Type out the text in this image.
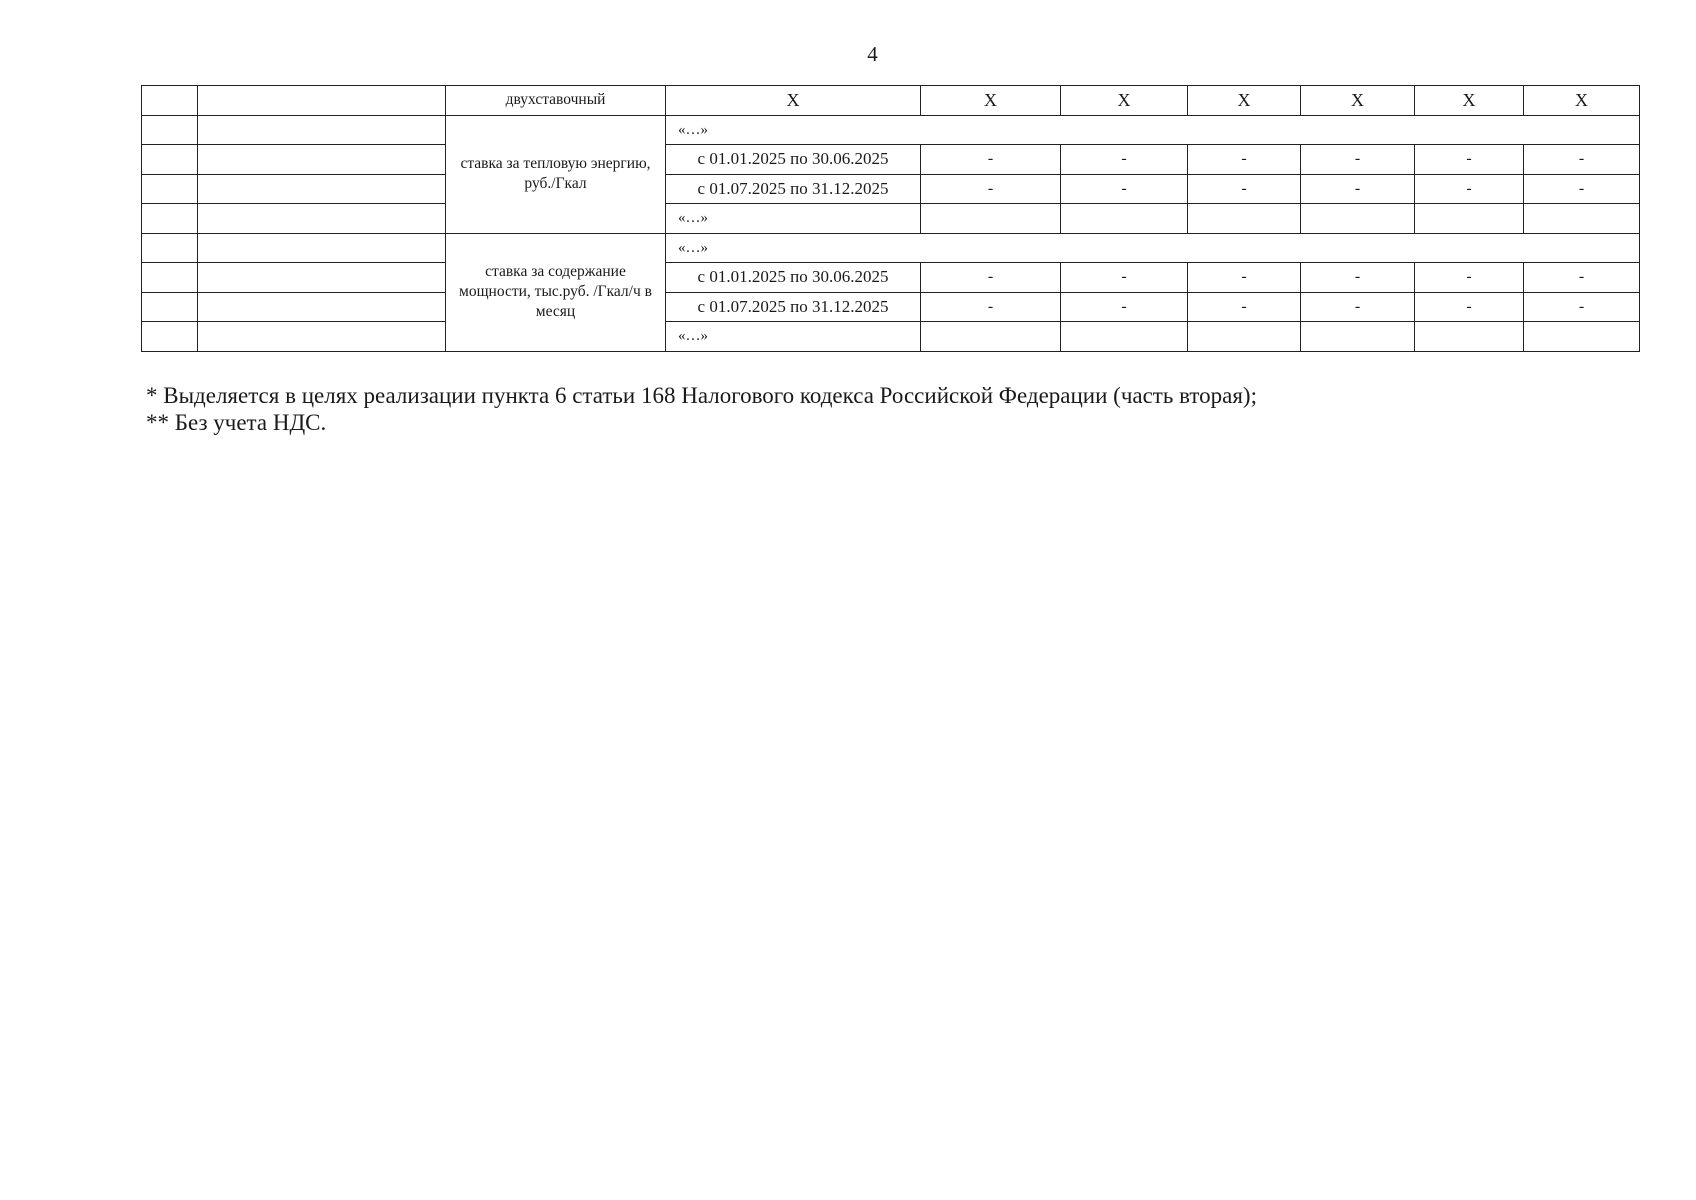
4
		двухставочный	X	X	X	X	X	X	X
		ставка за тепловую энергию, руб./Гкал	«…»						
			с 01.01.2025 по 30.06.2025	-	-	-	-	-	-
			с 01.07.2025 по 31.12.2025	-	-	-	-	-	-
			«…»						
		ставка за содержание мощности, тыс.руб. /Гкал/ч в месяц	«…»						
			с 01.01.2025 по 30.06.2025	-	-	-	-	-	-
			с 01.07.2025 по 31.12.2025	-	-	-	-	-	-
			«…»						
* Выделяется в целях реализации пункта 6 статьи 168 Налогового кодекса Российской Федерации (часть вторая);
** Без учета НДС.
